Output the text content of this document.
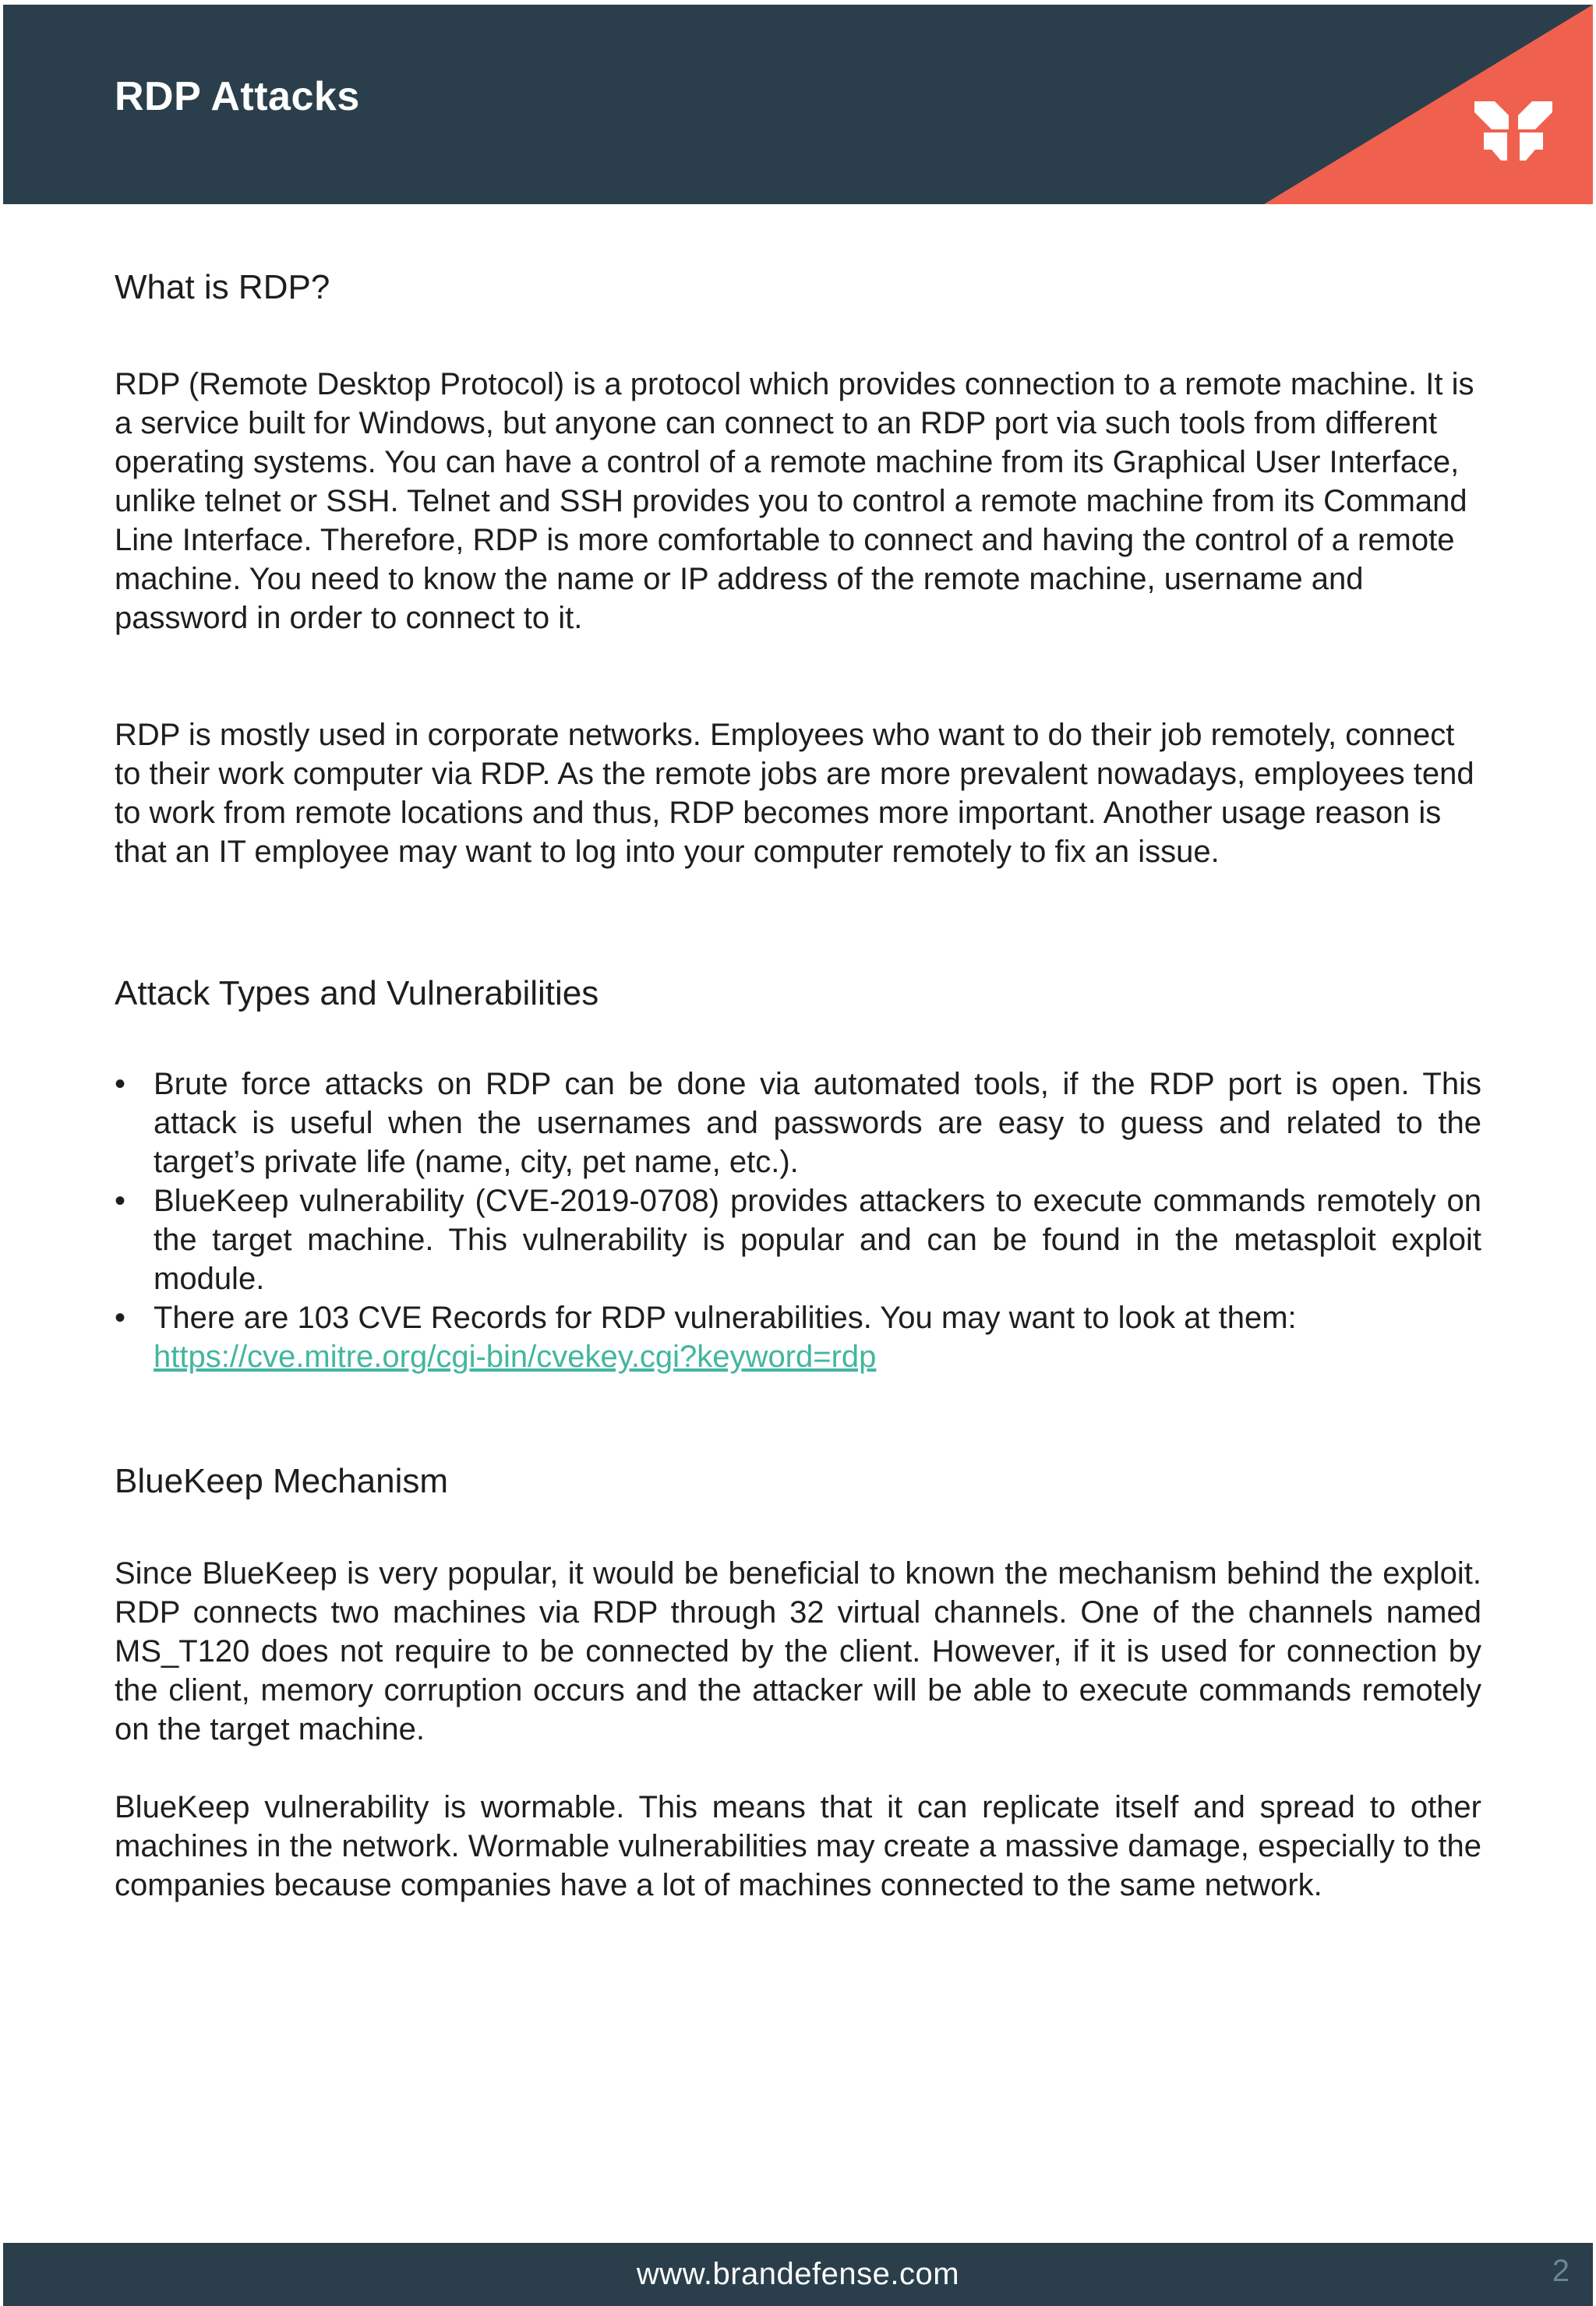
RDP Attacks
What is RDP?

RDP (Remote Desktop Protocol) is a protocol which provides connection to a remote machine. It is a service built for Windows, but anyone can connect to an RDP port via such tools from different operating systems. You can have a control of a remote machine from its Graphical User Interface, unlike telnet or SSH. Telnet and SSH provides you to control a remote machine from its Command Line Interface. Therefore, RDP is more comfortable to connect and having the control of a remote machine. You need to know the name or IP address of the remote machine, username and password in order to connect to it.

RDP is mostly used in corporate networks. Employees who want to do their job remotely, connect to their work computer via RDP. As the remote jobs are more prevalent nowadays, employees tend to work from remote locations and thus, RDP becomes more important. Another usage reason is that an IT employee may want to log into your computer remotely to fix an issue.

Attack Types and Vulnerabilities
• Brute force attacks on RDP can be done via automated tools, if the RDP port is open. This attack is useful when the usernames and passwords are easy to guess and related to the target’s private life (name, city, pet name, etc.).
• BlueKeep vulnerability (CVE-2019-0708) provides attackers to execute commands remotely on the target machine. This vulnerability is popular and can be found in the metasploit exploit module.
• There are 103 CVE Records for RDP vulnerabilities. You may want to look at them:
https://cve.mitre.org/cgi-bin/cvekey.cgi?keyword=rdp
BlueKeep Mechanism

Since BlueKeep is very popular, it would be beneficial to known the mechanism behind the exploit. RDP connects two machines via RDP through 32 virtual channels. One of the channels named MS_T120 does not require to be connected by the client. However, if it is used for connection by the client, memory corruption occurs and the attacker will be able to execute commands remotely on the target machine.

BlueKeep vulnerability is wormable. This means that it can replicate itself and spread to other machines in the network. Wormable vulnerabilities may create a massive damage, especially to the companies because companies have a lot of machines connected to the same network.

www.brandefense.com	2
